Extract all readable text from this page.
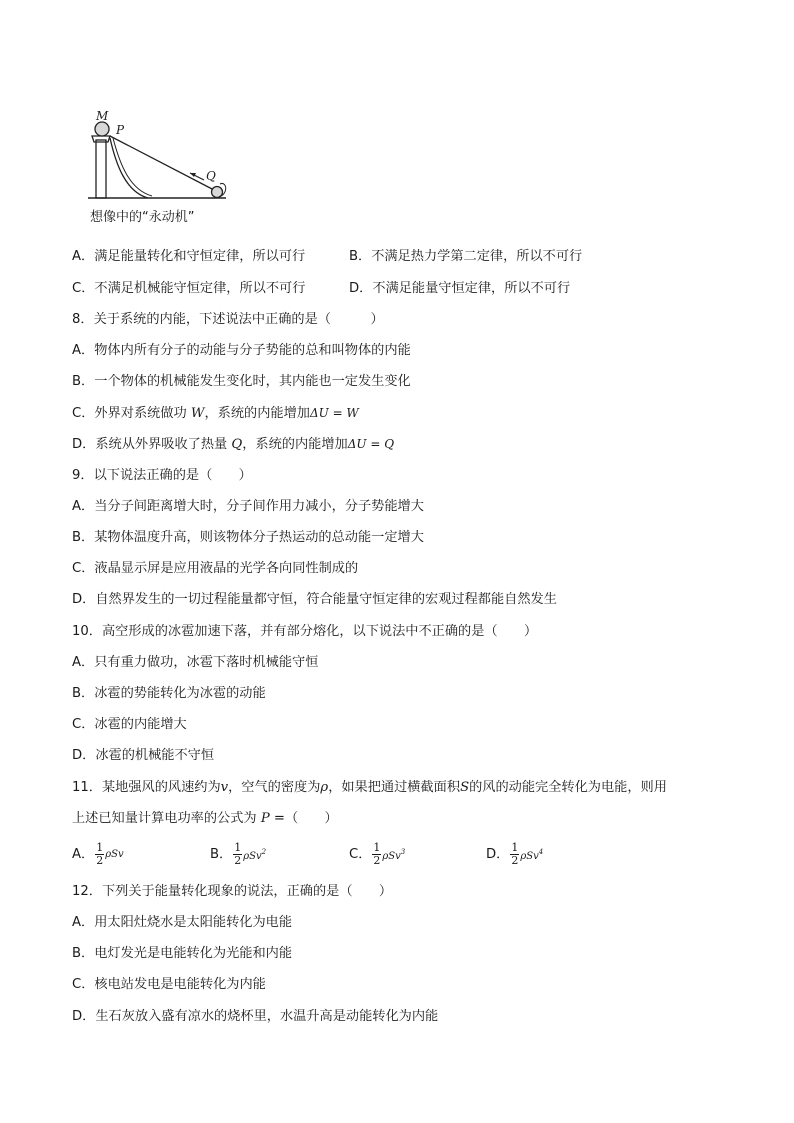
M
P
Q
想像中的“永动机”
A．满足能量转化和守恒定律，所以可行	B．不满足热力学第二定律，所以不可行
C．不满足机械能守恒定律，所以不可行	D．不满足能量守恒定律，所以不可行
8．关于系统的内能，下述说法中正确的是（　　　）
A．物体内所有分子的动能与分子势能的总和叫物体的内能
B．一个物体的机械能发生变化时，其内能也一定发生变化
C．外界对系统做功 W，系统的内能增加ΔU = W
D．系统从外界吸收了热量 Q，系统的内能增加ΔU = Q
9．以下说法正确的是（　　）
A．当分子间距离增大时，分子间作用力减小，分子势能增大
B．某物体温度升高，则该物体分子热运动的总动能一定增大
C．液晶显示屏是应用液晶的光学各向同性制成的
D．自然界发生的一切过程能量都守恒，符合能量守恒定律的宏观过程都能自然发生
10．高空形成的冰雹加速下落，并有部分熔化，以下说法中不正确的是（　　）
A．只有重力做功，冰雹下落时机械能守恒
B．冰雹的势能转化为冰雹的动能
C．冰雹的内能增大
D．冰雹的机械能不守恒
11．某地强风的风速约为v，空气的密度为ρ，如果把通过横截面积S的风的动能完全转化为电能，则用
上述已知量计算电功率的公式为 P =（　　）
A． $\frac{1}{2}$ ρSv	B． $\frac{1}{2} \rho Sv^2$	C． $\frac{1}{2} \rho Sv^3$	D． $\frac{1}{2} \rho Sv^4$
12．下列关于能量转化现象的说法，正确的是（　　）
A．用太阳灶烧水是太阳能转化为电能
B．电灯发光是电能转化为光能和内能
C．核电站发电是电能转化为内能
D．生石灰放入盛有凉水的烧杯里，水温升高是动能转化为内能
